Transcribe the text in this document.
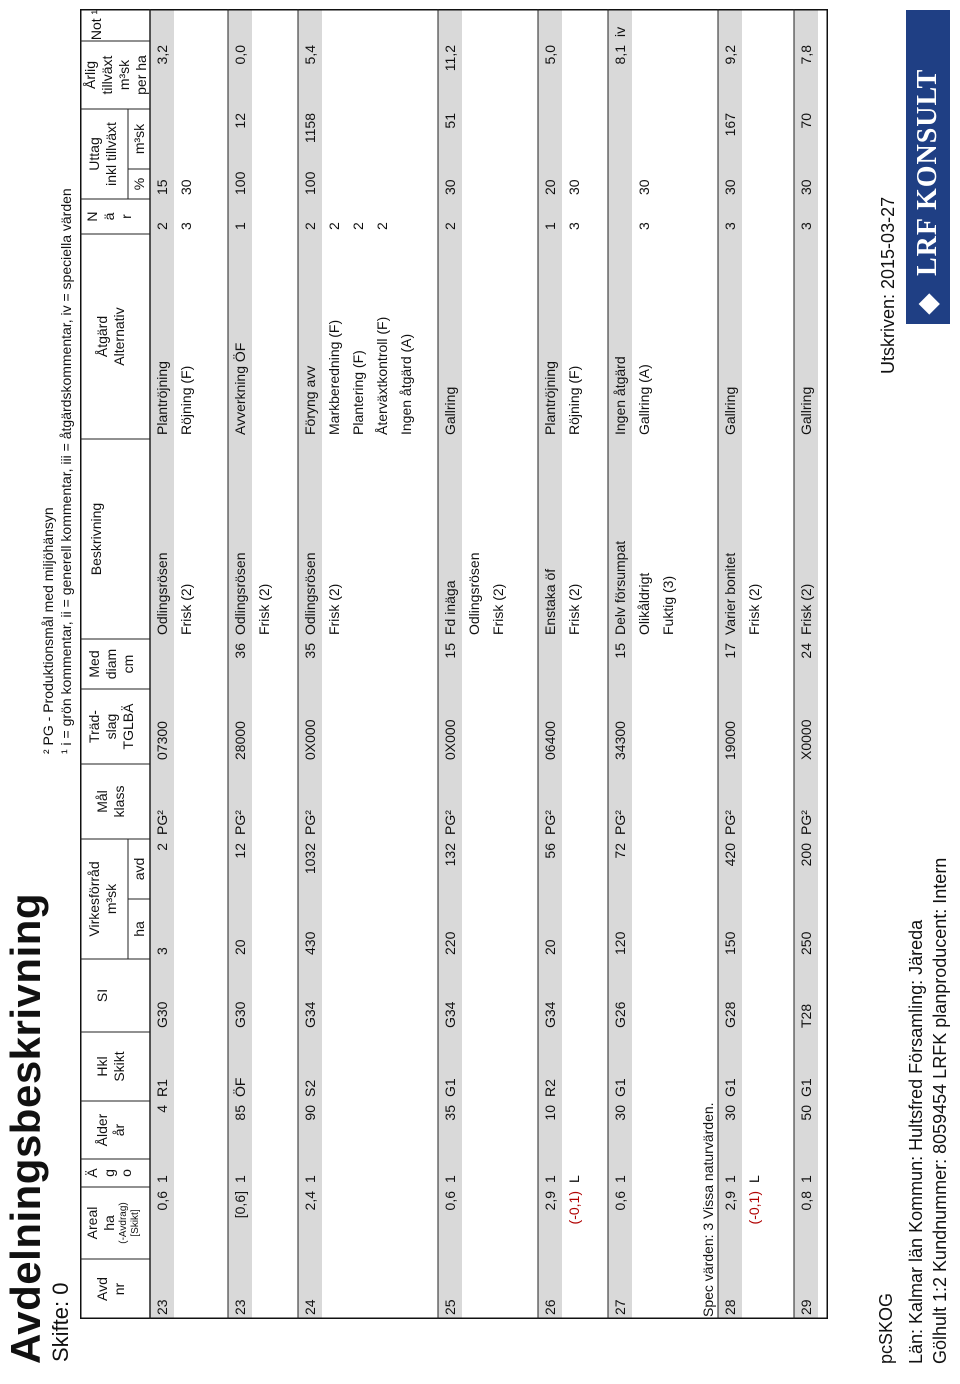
Avdelningsbeskrivning Skifte: 0
² PG - Produktionsmål med miljöhänsyn ¹ i = grön kommentar, ii = generell kommentar, iii = åtgärdskommentar, iv = speciella värden
Avd nr
Areal ha (-Avdrag) [Skikt]
Ä g o
Ålder år
Hkl Skikt
SI
Virkesförråd m³sk
Mål klass
Träd- slag TGLBÄ
Med diam cm
Beskrivning
Åtgärd Alternativ
N ä r
Uttag inkl tillväxt
Årlig tillväxt m³sk per ha
Not ¹
ha
avd
%
m³sk
23
0,6
1
4
R1
G30
3
2
PG²
07300
Odlingsrösen Frisk (2)
Plantröjning Röjning (F)
2 3
15 30
3,2
23
[0,6]
1
85
ÖF
G30
20
12
PG²
28000
36
Odlingsrösen Frisk (2)
Avverkning ÖF
1
100
12
0,0
24
2,4
1
90
S2
G34
430
1032
PG²
0X000
35
Odlingsrösen Frisk (2)
Föryng avv Markberedning (F) Plantering (F) Återväxtkontroll (F) Ingen åtgärd (A)
2 2 2 2
100
1158
5,4
25
0,6
1
35
G1
G34
220
132
PG²
0X000
15
Fd inäga Odlingsrösen Frisk (2)
Gallring
2
30
51
11,2
26
2,9 (-0,1)
1 L
10
R2
G34
20
56
PG²
06400
Enstaka öf Frisk (2)
Plantröjning Röjning (F)
1 3
20 30
5,0
27
0,6
1
30
G1
G26
120
72
PG²
34300
15
Delv försumpat Olikåldrigt Fuktig (3)
Ingen åtgärd Gallring (A)
3
30
8,1
iv
28
2,9 (-0,1)
1 L
30
G1
G28
150
420
PG²
19000
17
Varier bonitet Frisk (2)
Gallring
3
30
167
9,2
29
0,8
1
50
G1
T28
250
200
PG²
X0000
24
Frisk (2)
Gallring
3
30
70
7,8
Spec värden: 3 Vissa naturvärden.
pcSKOG
Utskriven: 2015-03-27
Län: Kalmar län Kommun: Hultsfred Församling: Järeda Gölhult 1:2 Kundnummer: 8059454 LRFK planproducent: Intern
◆
LRF KONSULT
